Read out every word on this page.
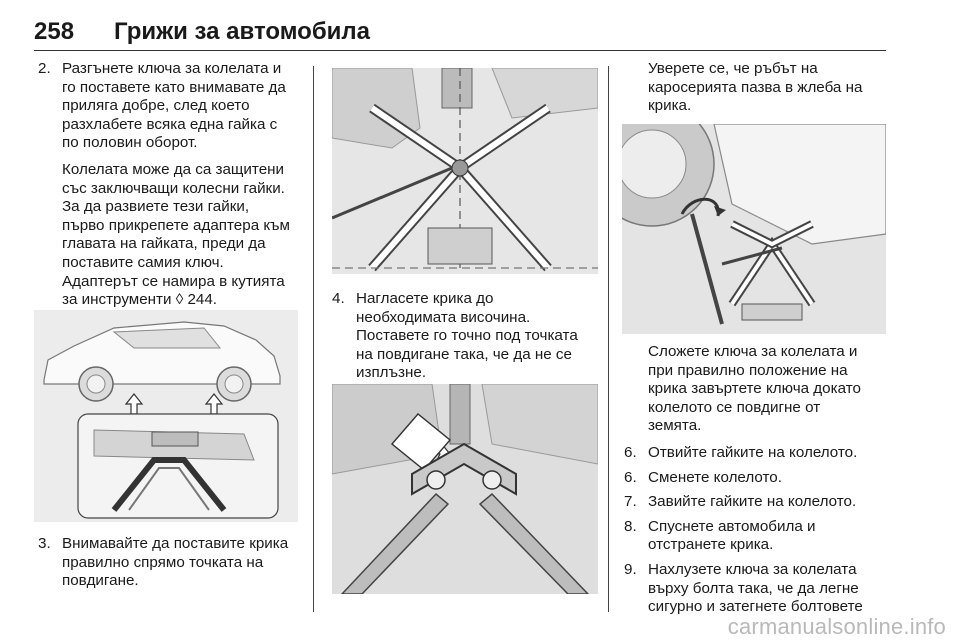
258 Грижи за автомобила
2. Разгънете ключа за колелата и
го поставете като внимавате да
приляга добре, след което
разхлабете всяка една гайка с
по половин оборот.
Колелата може да са защитени
със заключващи колесни гайки.
За да развиете тези гайки,
първо прикрепете адаптера към
главата на гайката, преди да
поставите самия ключ.
Адаптерът се намира в кутията
за инструменти ◊ 244.
3. Внимавайте да поставите крика
правилно спрямо точката на
повдигане.
4. Нагласете крика до
необходимата височина.
Поставете го точно под точката
на повдигане така, че да не се
изплъзне.
Уверете се, че ръбът на
каросерията пазва в жлеба на
крика.
Сложете ключа за колелата и
при правилно положение на
крика завъртете ключа докато
колелото се повдигне от
земята.
6. Отвийте гайките на колелото.
6. Сменете колелото.
7. Завийте гайките на колелото.
8. Спуснете автомобила и
отстранете крика.
9. Нахлузете ключа за колелата
върху болта така, че да легне
сигурно и затегнете болтовете
carmanualsonline.info
